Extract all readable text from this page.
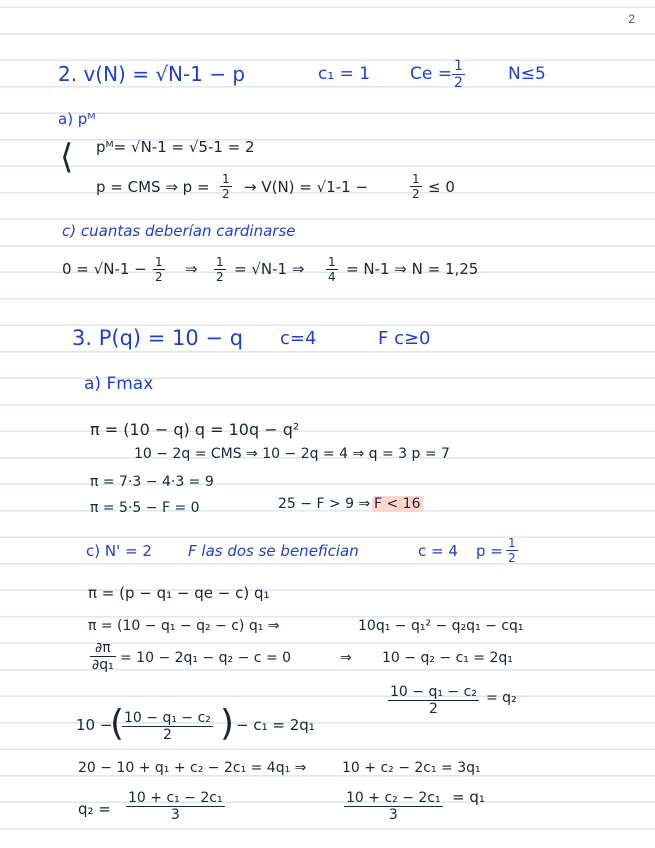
2
2. v(N) = √N-1 − p	c₁ = 1 $Ce = \frac{1}{2}$	N≤5
a) pᴹ
⟨ pᴹ= √N-1 = √5-1 = 2
p = CMS ⇒ $p = \frac{1}{2} \to V(N) = √1-1$ −	$\frac{1}{2} \le 0$
c) cuantas deberían cardinarse
$0 = √N-1 - \frac{1}{2}$ ⇒ $\frac{1}{2} = √N-1$ ⇒ $\frac{1}{4} = N-1$ ⇒ N = 1,25
3. P(q) = 10 − q c=4	F c≥0
a) Fmax
π = (10 − q) q = 10q − q²
10 − 2q = CMS ⇒ 10 − 2q = 4 ⇒ q = 3 p = 7
π = 7·3 − 4·3 = 9
π = 5·5 − F = 0	25 − F > 9 ⇒ F < 16
c) N' = 2 F las dos se benefician	c = 4 $p = \frac{1}{2}$
π = (p − q₁ − qe − c) q₁
π = (10 − q₁ − q₂ − c) q₁ ⇒	10q₁ − q₁² − q₂q₁ − cq₁
$\frac{\partial\pi}{\text{∂q₁}} = 10 - 2q_1 - q_2 - c = 0$	⇒ 10 − q₂ − c₁ = 2q₁
$\frac{\text{10 − q₁ − c₂}}{2} = q_2$
10 −
(
$\frac{\text{10 − q₁ − c₂}}{2}$ ) − c₁ = 2q₁
20 − 10 + q₁ + c₂ − 2c₁ = 4q₁ ⇒	10 + c₂ − 2c₁ = 3q₁
$q_2 = \frac{\text{10 + c₁ − 2c₁}}{3}$	$\frac{\text{10 + c₂ − 2c₁}}{3} = q_1$
